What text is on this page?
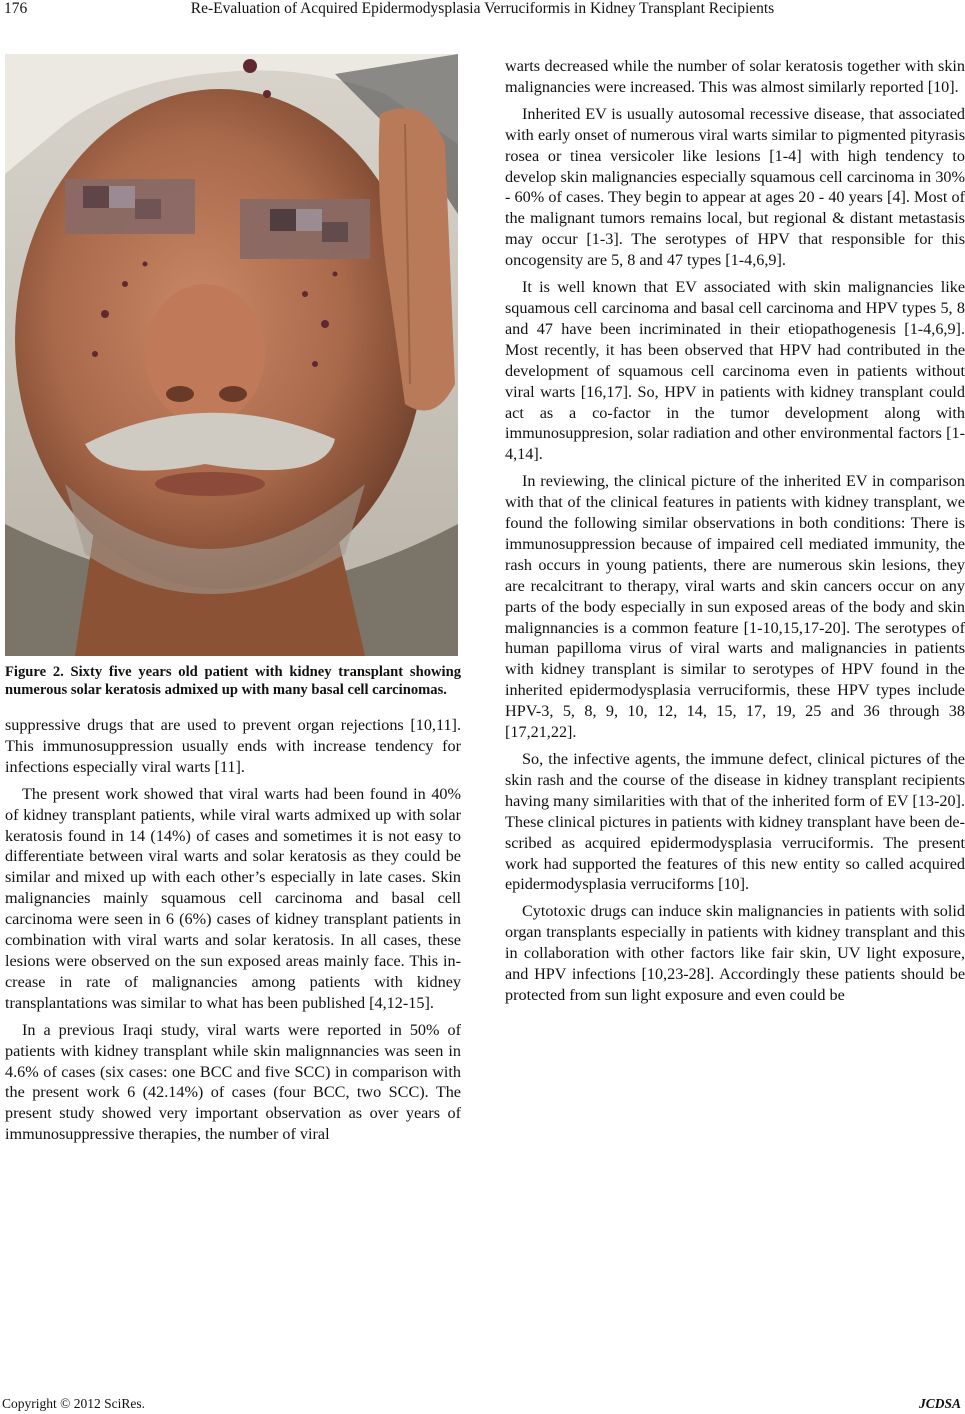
176	Re-Evaluation of Acquired Epidermodysplasia Verruciformis in Kidney Transplant Recipients
Figure 2. Sixty five years old patient with kidney transplant showing numerous solar keratosis admixed up with many basal cell carcinomas.

suppressive drugs that are used to prevent organ rejections [10,11]. This immunosuppression usually ends with increase tendency for infections especially viral warts [11].

The present work showed that viral warts had been found in 40% of kidney transplant patients, while viral warts admixed up with solar keratosis found in 14 (14%) of cases and sometimes it is not easy to differentiate between viral warts and solar keratosis as they could be similar and mixed up with each other’s especially in late cases. Skin malignancies mainly squamous cell carcinoma and basal cell carcinoma were seen in 6 (6%) cases of kidney transplant patients in combination with viral warts and solar keratosis. In all cases, these lesions were observed on the sun exposed areas mainly face. This increase in rate of malignancies among patients with kidney transplantations was similar to what has been published [4,12-15].

In a previous Iraqi study, viral warts were reported in 50% of patients with kidney transplant while skin malignnancies was seen in 4.6% of cases (six cases: one BCC and five SCC) in comparison with the present work 6 (42.14%) of cases (four BCC, two SCC). The present study showed very important observation as over years of immunosuppressive therapies, the number of viral

warts decreased while the number of solar keratosis together with skin malignancies were increased. This was almost similarly reported [10].

Inherited EV is usually autosomal recessive disease, that associated with early onset of numerous viral warts similar to pigmented pityrasis rosea or tinea versicoler like lesions [1-4] with high tendency to develop skin malignancies especially squamous cell carcinoma in 30% - 60% of cases. They begin to appear at ages 20 - 40 years [4]. Most of the malignant tumors remains local, but regional & distant metastasis may occur [1-3]. The serotypes of HPV that responsible for this oncogensity are 5, 8 and 47 types [1-4,6,9].

It is well known that EV associated with skin malignancies like squamous cell carcinoma and basal cell carcinoma and HPV types 5, 8 and 47 have been incriminated in their etiopathogenesis [1-4,6,9]. Most recently, it has been observed that HPV had contributed in the development of squamous cell carcinoma even in patients without viral warts [16,17]. So, HPV in patients with kidney transplant could act as a co-factor in the tumor development along with immunosuppresion, solar radiation and other environmental factors [1-4,14].

In reviewing, the clinical picture of the inherited EV in comparison with that of the clinical features in patients with kidney transplant, we found the following similar observations in both conditions: There is immunosuppression because of impaired cell mediated immunity, the rash occurs in young patients, there are numerous skin lesions, they are recalcitrant to therapy, viral warts and skin cancers occur on any parts of the body especially in sun exposed areas of the body and skin malignnancies is a common feature [1-10,15,17-20]. The serotypes of human papilloma virus of viral warts and malignancies in patients with kidney transplant is similar to serotypes of HPV found in the inherited epidermodysplasia verruciformis, these HPV types include HPV-3, 5, 8, 9, 10, 12, 14, 15, 17, 19, 25 and 36 through 38 [17,21,22].

So, the infective agents, the immune defect, clinical pictures of the skin rash and the course of the disease in kidney transplant recipients having many similarities with that of the inherited form of EV [13-20]. These clinical pictures in patients with kidney transplant have been described as acquired epidermodysplasia verruciformis. The present work had supported the features of this new entity so called acquired epidermodysplasia verruciforms [10].

Cytotoxic drugs can induce skin malignancies in patients with solid organ transplants especially in patients with kidney transplant and this in collaboration with other factors like fair skin, UV light exposure, and HPV infections [10,23-28]. Accordingly these patients should be protected from sun light exposure and even could be

Copyright © 2012 SciRes.	JCDSA
